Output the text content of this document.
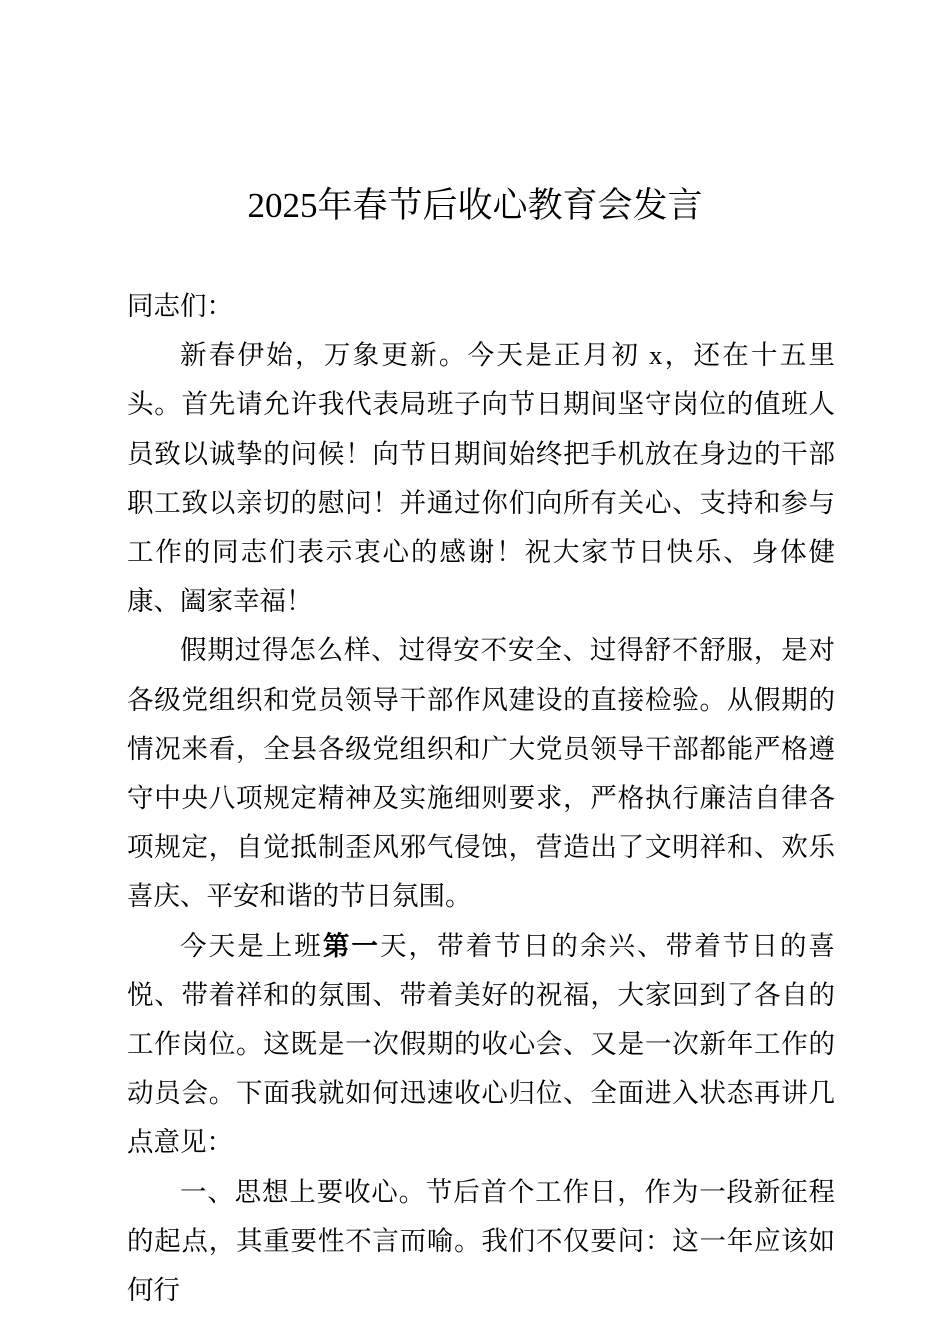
2025年春节后收心教育会发言

同志们：

新春伊始，万象更新。今天是正月初 x，还在十五里头。首先请允许我代表局班子向节日期间坚守岗位的值班人员致以诚挚的问候！向节日期间始终把手机放在身边的干部职工致以亲切的慰问！并通过你们向所有关心、支持和参与工作的同志们表示衷心的感谢！祝大家节日快乐、身体健康、阖家幸福！

假期过得怎么样、过得安不安全、过得舒不舒服，是对各级党组织和党员领导干部作风建设的直接检验。从假期的情况来看，全县各级党组织和广大党员领导干部都能严格遵守中央八项规定精神及实施细则要求，严格执行廉洁自律各项规定，自觉抵制歪风邪气侵蚀，营造出了文明祥和、欢乐喜庆、平安和谐的节日氛围。

今天是上班第一天，带着节日的余兴、带着节日的喜悦、带着祥和的氛围、带着美好的祝福，大家回到了各自的工作岗位。这既是一次假期的收心会、又是一次新年工作的动员会。下面我就如何迅速收心归位、全面进入状态再讲几点意见：

一、思想上要收心。节后首个工作日，作为一段新征程的起点，其重要性不言而喻。我们不仅要问：这一年应该如何行
